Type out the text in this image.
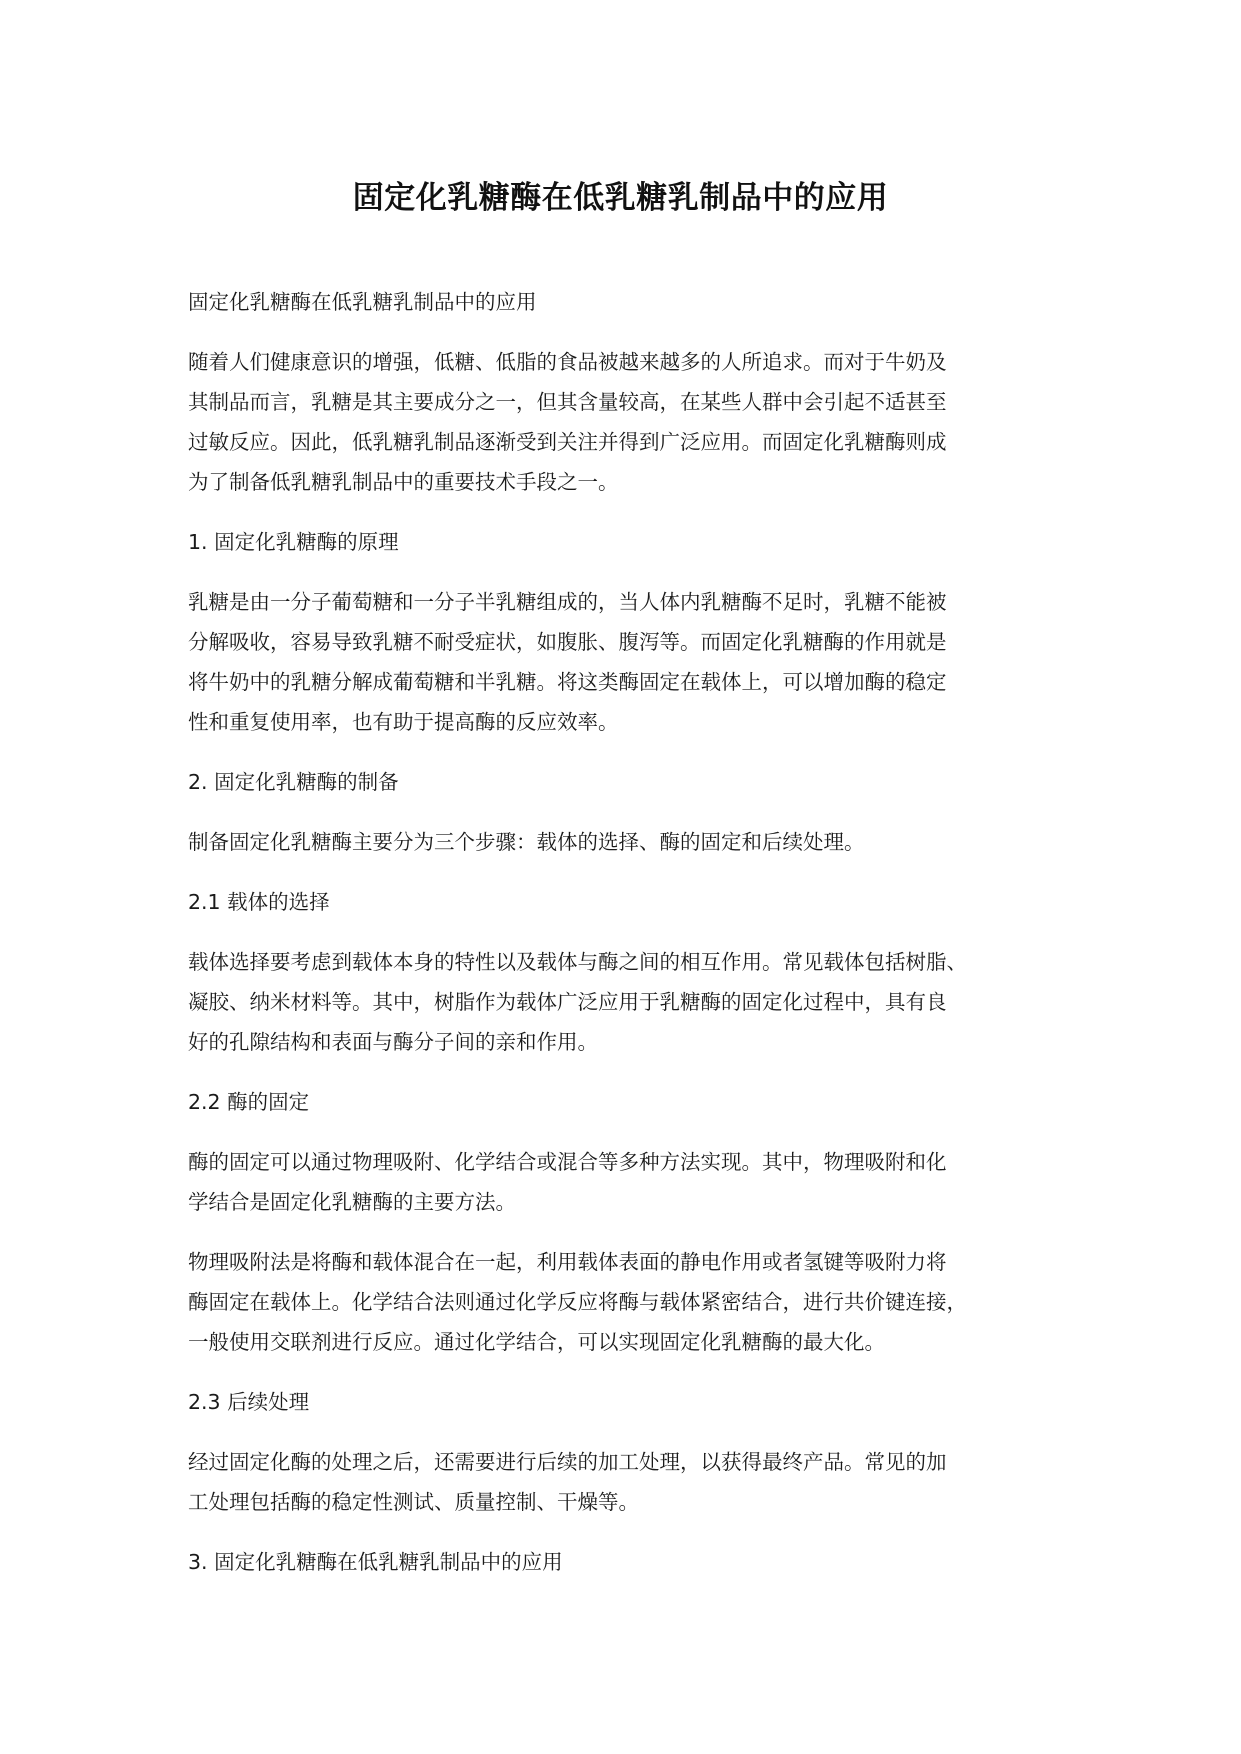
固定化乳糖酶在低乳糖乳制品中的应用

固定化乳糖酶在低乳糖乳制品中的应用

随着人们健康意识的增强，低糖、低脂的食品被越来越多的人所追求。而对于牛奶及
其制品而言，乳糖是其主要成分之一，但其含量较高，在某些人群中会引起不适甚至
过敏反应。因此，低乳糖乳制品逐渐受到关注并得到广泛应用。而固定化乳糖酶则成
为了制备低乳糖乳制品中的重要技术手段之一。

1. 固定化乳糖酶的原理

乳糖是由一分子葡萄糖和一分子半乳糖组成的，当人体内乳糖酶不足时，乳糖不能被
分解吸收，容易导致乳糖不耐受症状，如腹胀、腹泻等。而固定化乳糖酶的作用就是
将牛奶中的乳糖分解成葡萄糖和半乳糖。将这类酶固定在载体上，可以增加酶的稳定
性和重复使用率，也有助于提高酶的反应效率。

2. 固定化乳糖酶的制备

制备固定化乳糖酶主要分为三个步骤：载体的选择、酶的固定和后续处理。

2.1 载体的选择

载体选择要考虑到载体本身的特性以及载体与酶之间的相互作用。常见载体包括树脂、
凝胶、纳米材料等。其中，树脂作为载体广泛应用于乳糖酶的固定化过程中，具有良
好的孔隙结构和表面与酶分子间的亲和作用。

2.2 酶的固定

酶的固定可以通过物理吸附、化学结合或混合等多种方法实现。其中，物理吸附和化
学结合是固定化乳糖酶的主要方法。

物理吸附法是将酶和载体混合在一起，利用载体表面的静电作用或者氢键等吸附力将
酶固定在载体上。化学结合法则通过化学反应将酶与载体紧密结合，进行共价键连接，
一般使用交联剂进行反应。通过化学结合，可以实现固定化乳糖酶的最大化。

2.3 后续处理

经过固定化酶的处理之后，还需要进行后续的加工处理，以获得最终产品。常见的加
工处理包括酶的稳定性测试、质量控制、干燥等。

3. 固定化乳糖酶在低乳糖乳制品中的应用
